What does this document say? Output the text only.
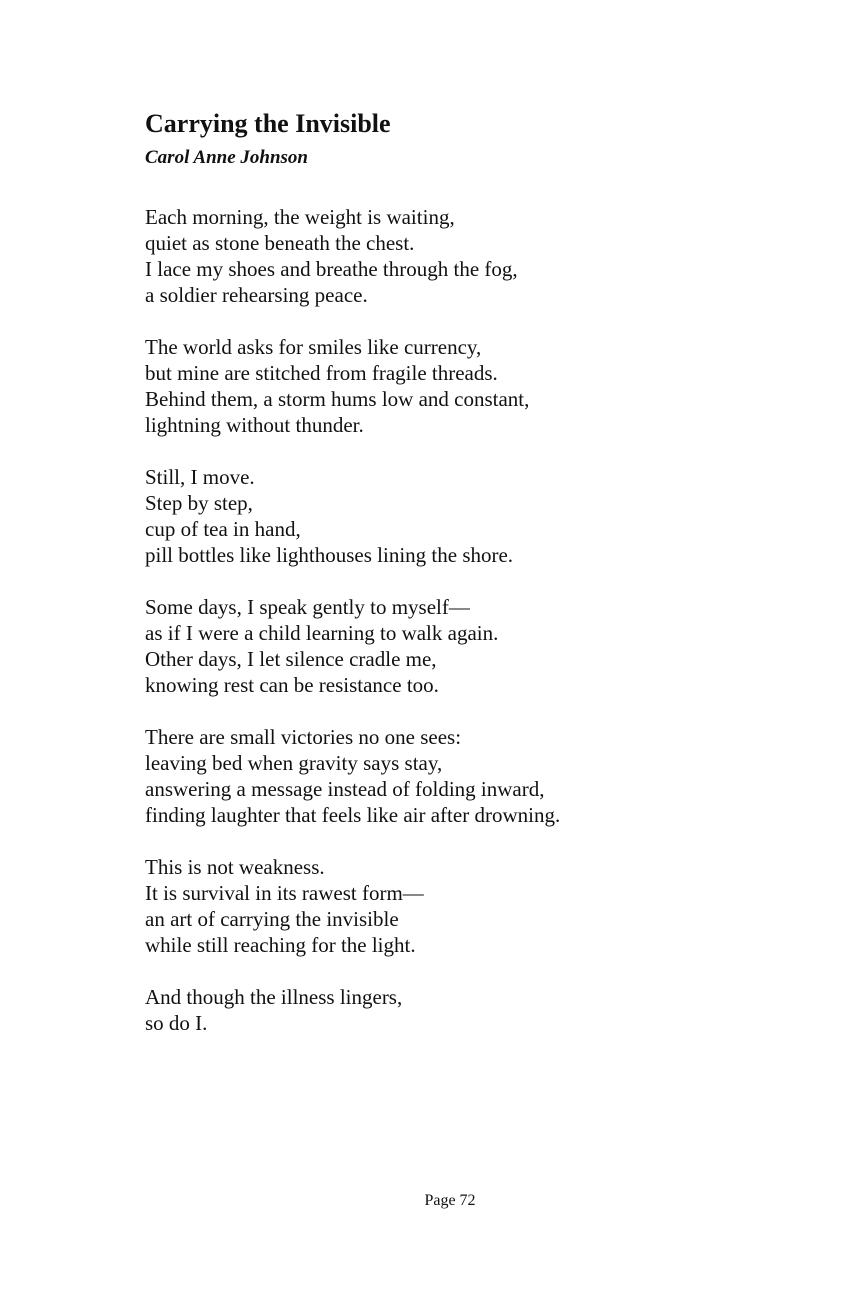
Carrying the Invisible
Carol Anne Johnson
Each morning, the weight is waiting,
quiet as stone beneath the chest.
I lace my shoes and breathe through the fog,
a soldier rehearsing peace.
The world asks for smiles like currency,
but mine are stitched from fragile threads.
Behind them, a storm hums low and constant,
lightning without thunder.
Still, I move.
Step by step,
cup of tea in hand,
pill bottles like lighthouses lining the shore.
Some days, I speak gently to myself—
as if I were a child learning to walk again.
Other days, I let silence cradle me,
knowing rest can be resistance too.
There are small victories no one sees:
leaving bed when gravity says stay,
answering a message instead of folding inward,
finding laughter that feels like air after drowning.
This is not weakness.
It is survival in its rawest form—
an art of carrying the invisible
while still reaching for the light.
And though the illness lingers,
so do I.
Page 72
